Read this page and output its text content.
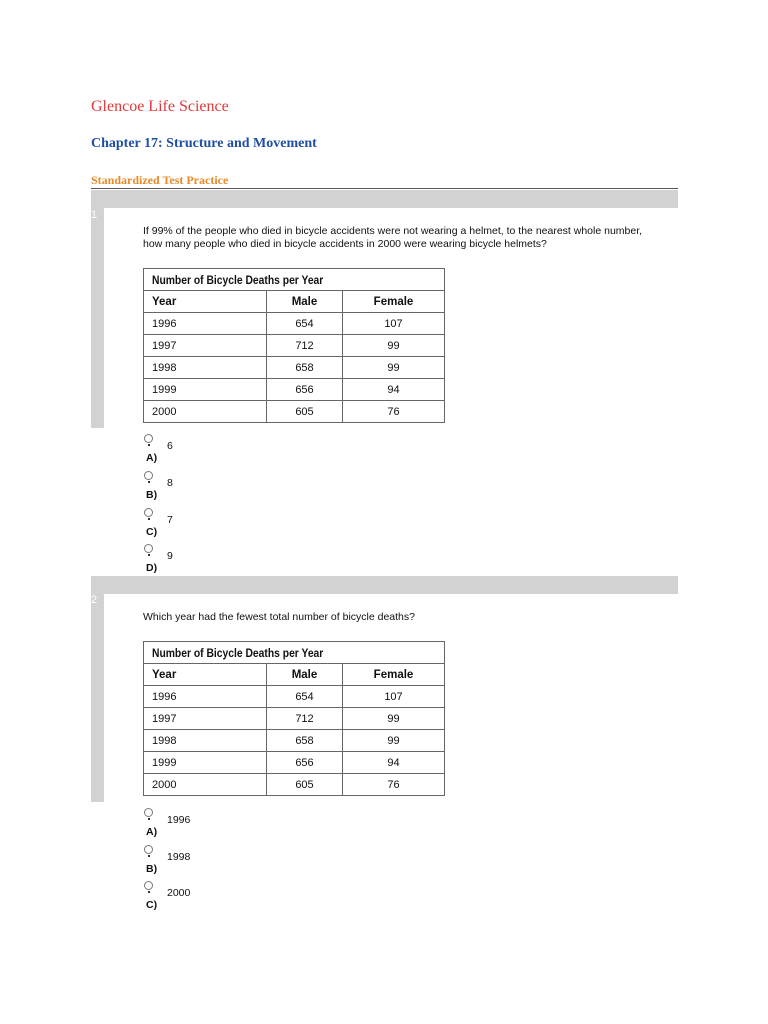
Glencoe Life Science
Chapter 17: Structure and Movement
Standardized Test Practice
1
If 99% of the people who died in bicycle accidents were not wearing a helmet, to the nearest whole number, how many people who died in bicycle accidents in 2000 were wearing bicycle helmets?
Number of Bicycle Deaths per Year		

Year	Male	Female
1996	654	107
1997	712	99
1998	658	99
1999	656	94
2000	605	76
A)
6
B)
8
C)
7
D)
9
2
Which year had the fewest total number of bicycle deaths?
Number of Bicycle Deaths per Year		

Year	Male	Female
1996	654	107
1997	712	99
1998	658	99
1999	656	94
2000	605	76
A)
1996
B)
1998
C)
2000
